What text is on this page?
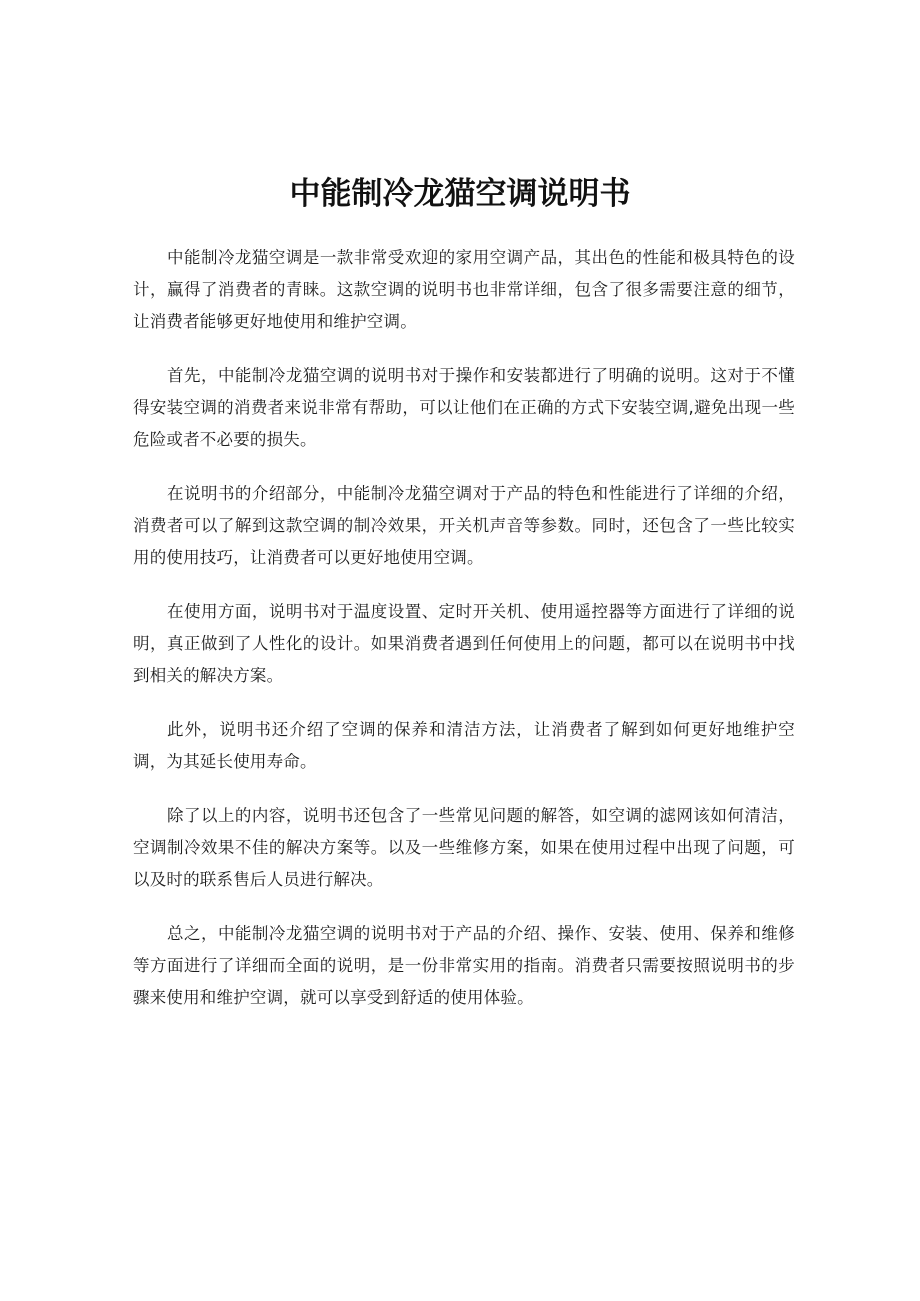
中能制冷龙猫空调说明书

中能制冷龙猫空调是一款非常受欢迎的家用空调产品，其出色的性能和极具特色的设计，赢得了消费者的青睐。这款空调的说明书也非常详细，包含了很多需要注意的细节，让消费者能够更好地使用和维护空调。

首先，中能制冷龙猫空调的说明书对于操作和安装都进行了明确的说明。这对于不懂得安装空调的消费者来说非常有帮助，可以让他们在正确的方式下安装空调,避免出现一些危险或者不必要的损失。

在说明书的介绍部分，中能制冷龙猫空调对于产品的特色和性能进行了详细的介绍，消费者可以了解到这款空调的制冷效果，开关机声音等参数。同时，还包含了一些比较实用的使用技巧，让消费者可以更好地使用空调。

在使用方面，说明书对于温度设置、定时开关机、使用遥控器等方面进行了详细的说明，真正做到了人性化的设计。如果消费者遇到任何使用上的问题，都可以在说明书中找到相关的解决方案。

此外，说明书还介绍了空调的保养和清洁方法，让消费者了解到如何更好地维护空调，为其延长使用寿命。

除了以上的内容，说明书还包含了一些常见问题的解答，如空调的滤网该如何清洁，空调制冷效果不佳的解决方案等。以及一些维修方案，如果在使用过程中出现了问题，可以及时的联系售后人员进行解决。

总之，中能制冷龙猫空调的说明书对于产品的介绍、操作、安装、使用、保养和维修等方面进行了详细而全面的说明，是一份非常实用的指南。消费者只需要按照说明书的步骤来使用和维护空调，就可以享受到舒适的使用体验。
